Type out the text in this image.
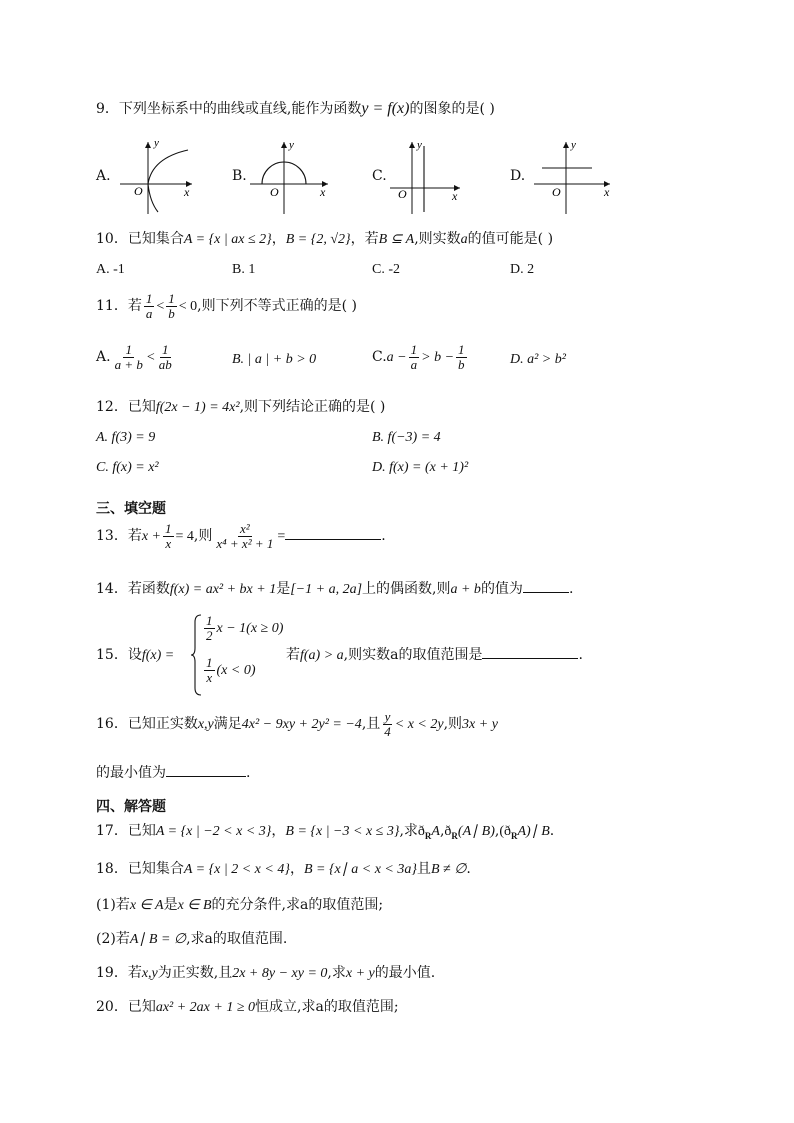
9．下列坐标系中的曲线或直线,能作为函数y = f(x)的图象的是( )
A.	B.	C.	D.
y
x
O
y
x
O
y
x
O
y
x
O
10．已知集合A = {x | ax ≤ 2}，B = {2, √2}，若B ⊆ A,则实数a的值可能是( )
A. -1	B. 1	C. -2	D. 2
11．若 $\frac{1}{a} < \frac{1}{b} < 0$,则下列不等式正确的是( )
A. $\frac{1}{a + b} < \frac{1}{ab}$	B. | a | + b > 0	$C.a - \frac{1}{a} > b - \frac{1}{b}$	D. a² > b²
12．已知f(2x − 1) = 4x²,则下列结论正确的是( )
A. f(3) = 9	B. f(−3) = 4
C. f(x) = x²	D. f(x) = (x + 1)²
三、填空题
13．若$x + \frac{1}{x} = 4$,则 $\frac{\text{x²}}{\text{x⁴ + x² + 1}}$ =	.
14．若函数f(x) = ax² + bx + 1是[−1 + a, 2a]上的偶函数,则a + b的值为	.
15．设f(x) =
$\frac{1}{2}$ x − 1(x ≥ 0)
$\frac{1}{x} (x < 0)$
若f(a) > a,则实数a的取值范围是	.
16．已知正实数x,y满足4x² − 9xy + 2y² = −4,且 $\frac{y}{4} < x < 2y$,则3x + y
的最小值为	.
四、解答题
17．已知A = {x | −2 < x < 3}，B = {x | −3 < x ≤ 3},求$ð_RA,ð_R(A∣$ $B),(ð_RA)∣$ B.
18．已知集合A = {x | 2 < x < 4}，B = {x∣ a < x < 3a}且B ≠ ∅.
(1)若x ∈ A是x ∈ B的充分条件,求a的取值范围;
(2)若A∣ B = ∅,求a的取值范围.
19．若x,y为正实数,且2x + 8y − xy = 0,求x + y的最小值.
20．已知ax² + 2ax + 1 ≥ 0恒成立,求a的取值范围;
